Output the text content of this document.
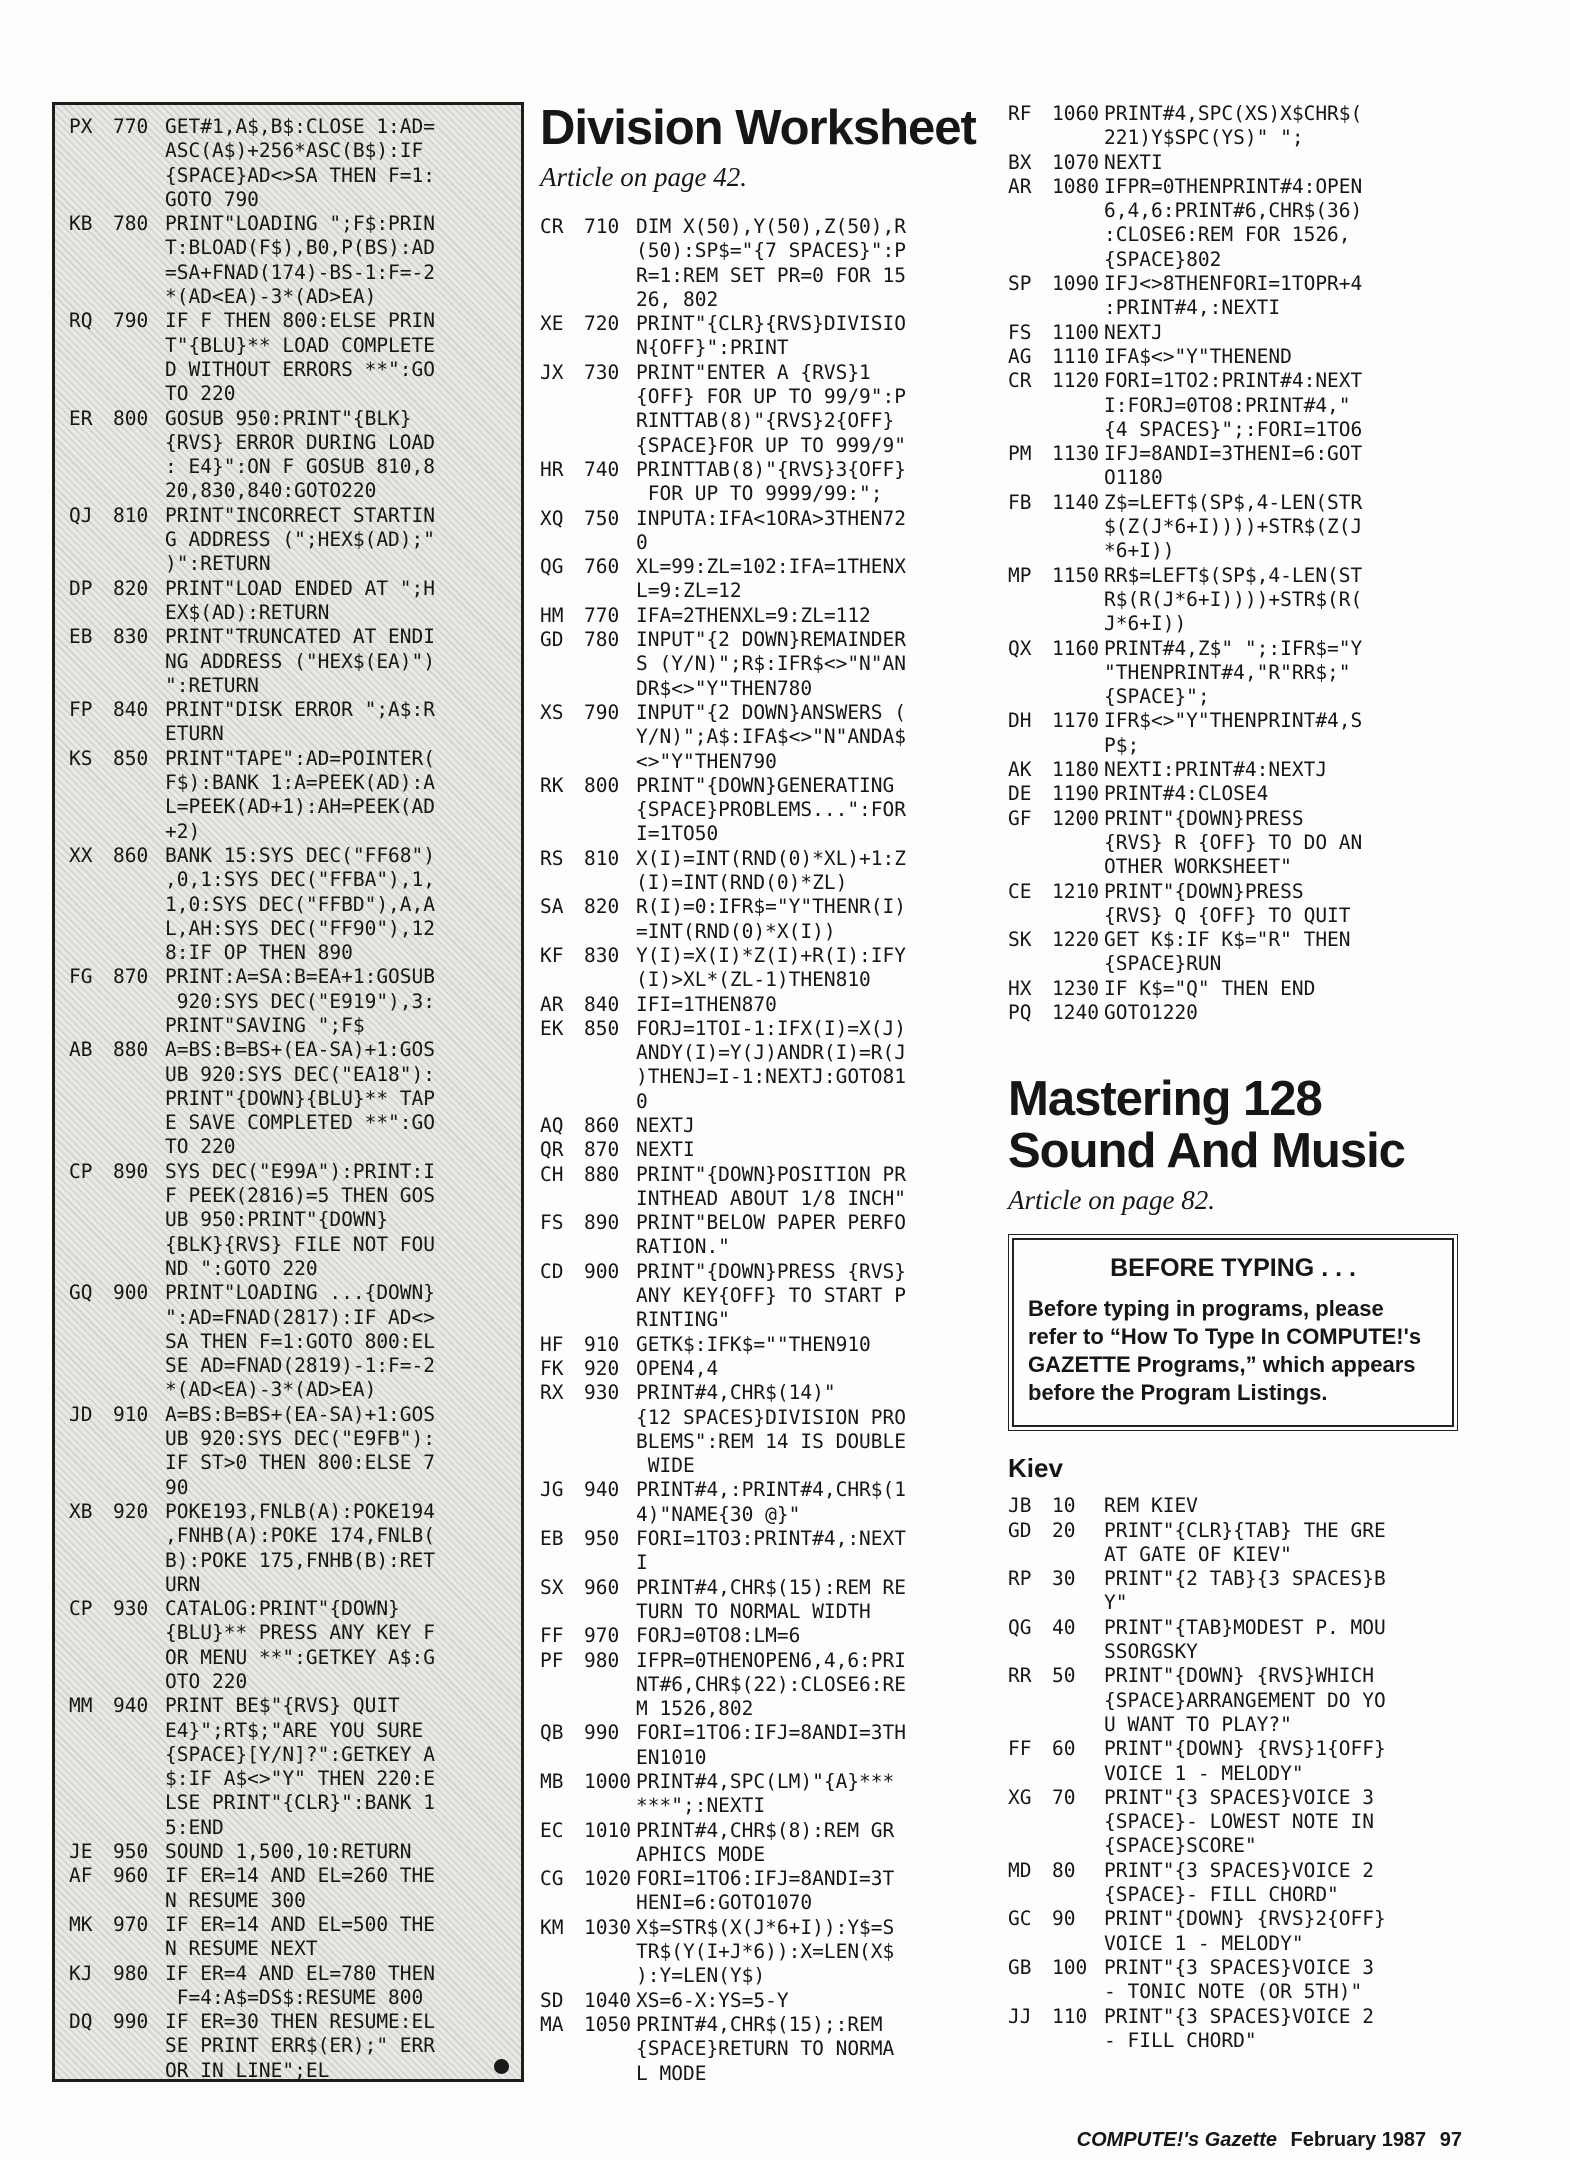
PX	770 GET#1,A$,B$:CLOSE 1:AD=
ASC(A$)+256*ASC(B$):IF
{SPACE}AD<>SA THEN F=1:
GOTO 790
KB	780 PRINT"LOADING ";F$:PRIN
T:BLOAD(F$),B0,P(BS):AD
=SA+FNAD(174)-BS-1:F=-2
*(AD<EA)-3*(AD>EA)
RQ	790 IF F THEN 800:ELSE PRIN
T"{BLU}** LOAD COMPLETE
D WITHOUT ERRORS **":GO
TO 220
ER	800 GOSUB 950:PRINT"{BLK}
{RVS} ERROR DURING LOAD
: E4}":ON F GOSUB 810,8
20,830,840:GOTO220
QJ	810 PRINT"INCORRECT STARTIN
G ADDRESS (";HEX$(AD);"
)":RETURN
DP	820 PRINT"LOAD ENDED AT ";H
EX$(AD):RETURN
EB	830 PRINT"TRUNCATED AT ENDI
NG ADDRESS ("HEX$(EA)")
":RETURN
FP	840 PRINT"DISK ERROR ";A$:R
ETURN
KS	850 PRINT"TAPE":AD=POINTER(
F$):BANK 1:A=PEEK(AD):A
L=PEEK(AD+1):AH=PEEK(AD
+2)
XX	860 BANK 15:SYS DEC("FF68")
,0,1:SYS DEC("FFBA"),1,
1,0:SYS DEC("FFBD"),A,A
L,AH:SYS DEC("FF90"),12
8:IF OP THEN 890
FG	870 PRINT:A=SA:B=EA+1:GOSUB
920:SYS DEC("E919"),3:
PRINT"SAVING ";F$
AB	880 A=BS:B=BS+(EA-SA)+1:GOS
UB 920:SYS DEC("EA18"):
PRINT"{DOWN}{BLU}** TAP
E SAVE COMPLETED **":GO
TO 220
CP	890 SYS DEC("E99A"):PRINT:I
F PEEK(2816)=5 THEN GOS
UB 950:PRINT"{DOWN}
{BLK}{RVS} FILE NOT FOU
ND ":GOTO 220
GQ	900 PRINT"LOADING ...{DOWN}
":AD=FNAD(2817):IF AD<>
SA THEN F=1:GOTO 800:EL
SE AD=FNAD(2819)-1:F=-2
*(AD<EA)-3*(AD>EA)
JD	910 A=BS:B=BS+(EA-SA)+1:GOS
UB 920:SYS DEC("E9FB"):
IF ST>0 THEN 800:ELSE 7
90
XB	920 POKE193,FNLB(A):POKE194
,FNHB(A):POKE 174,FNLB(
B):POKE 175,FNHB(B):RET
URN
CP	930 CATALOG:PRINT"{DOWN}
{BLU}** PRESS ANY KEY F
OR MENU **":GETKEY A$:G
OTO 220
MM	940 PRINT BE$"{RVS} QUIT
E4}";RT$;"ARE YOU SURE
{SPACE}[Y/N]?":GETKEY A
$:IF A$<>"Y" THEN 220:E
LSE PRINT"{CLR}":BANK 1
5:END
JE	950 SOUND 1,500,10:RETURN
AF	960 IF ER=14 AND EL=260 THE
N RESUME 300
MK	970 IF ER=14 AND EL=500 THE
N RESUME NEXT
KJ	980 IF ER=4 AND EL=780 THEN
F=4:A$=DS$:RESUME 800
DQ	990 IF ER=30 THEN RESUME:EL
SE PRINT ERR$(ER);" ERR
OR IN LINE";EL
Division Worksheet
Article on page 42.
CR	710 DIM X(50),Y(50),Z(50),R
(50):SP$="{7 SPACES}":P
R=1:REM SET PR=0 FOR 15
26, 802
XE	720 PRINT"{CLR}{RVS}DIVISIO
N{OFF}":PRINT
JX	730 PRINT"ENTER A {RVS}1
{OFF} FOR UP TO 99/9":P
RINTTAB(8)"{RVS}2{OFF}
{SPACE}FOR UP TO 999/9"
HR	740 PRINTTAB(8)"{RVS}3{OFF}
FOR UP TO 9999/99:";
XQ	750 INPUTA:IFA<1ORA>3THEN72
0
QG	760 XL=99:ZL=102:IFA=1THENX
L=9:ZL=12
HM	770 IFA=2THENXL=9:ZL=112
GD	780 INPUT"{2 DOWN}REMAINDER
S (Y/N)";R$:IFR$<>"N"AN
DR$<>"Y"THEN780
XS	790 INPUT"{2 DOWN}ANSWERS (
Y/N)";A$:IFA$<>"N"ANDA$
<>"Y"THEN790
RK	800 PRINT"{DOWN}GENERATING
{SPACE}PROBLEMS...":FOR
I=1TO50
RS	810 X(I)=INT(RND(0)*XL)+1:Z
(I)=INT(RND(0)*ZL)
SA	820 R(I)=0:IFR$="Y"THENR(I)
=INT(RND(0)*X(I))
KF	830 Y(I)=X(I)*Z(I)+R(I):IFY
(I)>XL*(ZL-1)THEN810
AR	840 IFI=1THEN870
EK	850 FORJ=1TOI-1:IFX(I)=X(J)
ANDY(I)=Y(J)ANDR(I)=R(J
)THENJ=I-1:NEXTJ:GOTO81
0
AQ	860 NEXTJ
QR	870 NEXTI
CH	880 PRINT"{DOWN}POSITION PR
INTHEAD ABOUT 1/8 INCH"
FS	890 PRINT"BELOW PAPER PERFO
RATION."
CD	900 PRINT"{DOWN}PRESS {RVS}
ANY KEY{OFF} TO START P
RINTING"
HF	910 GETK$:IFK$=""THEN910
FK	920 OPEN4,4
RX	930 PRINT#4,CHR$(14)"
{12 SPACES}DIVISION PRO
BLEMS":REM 14 IS DOUBLE
WIDE
JG	940 PRINT#4,:PRINT#4,CHR$(1
4)"NAME{30 @}"
EB	950 FORI=1TO3:PRINT#4,:NEXT
I
SX	960 PRINT#4,CHR$(15):REM RE
TURN TO NORMAL WIDTH
FF	970 FORJ=0TO8:LM=6
PF	980 IFPR=0THENOPEN6,4,6:PRI
NT#6,CHR$(22):CLOSE6:RE
M 1526,802
QB	990 FORI=1TO6:IFJ=8ANDI=3TH
EN1010
MB	1000 PRINT#4,SPC(LM)"{A}***
***";:NEXTI
EC	1010 PRINT#4,CHR$(8):REM GR
APHICS MODE
CG	1020 FORI=1TO6:IFJ=8ANDI=3T
HENI=6:GOTO1070
KM	1030 X$=STR$(X(J*6+I)):Y$=S
TR$(Y(I+J*6)):X=LEN(X$
):Y=LEN(Y$)
SD	1040 XS=6-X:YS=5-Y
MA	1050 PRINT#4,CHR$(15);:REM
{SPACE}RETURN TO NORMA
L MODE
RF	1060 PRINT#4,SPC(XS)X$CHR$(
221)Y$SPC(YS)" ";
BX	1070 NEXTI
AR	1080 IFPR=0THENPRINT#4:OPEN
6,4,6:PRINT#6,CHR$(36)
:CLOSE6:REM FOR 1526,
{SPACE}802
SP	1090 IFJ<>8THENFORI=1TOPR+4
:PRINT#4,:NEXTI
FS	1100 NEXTJ
AG	1110 IFA$<>"Y"THENEND
CR	1120 FORI=1TO2:PRINT#4:NEXT
I:FORJ=0TO8:PRINT#4,"
{4 SPACES}";:FORI=1TO6
PM	1130 IFJ=8ANDI=3THENI=6:GOT
O1180
FB	1140 Z$=LEFT$(SP$,4-LEN(STR
$(Z(J*6+I))))+STR$(Z(J
*6+I))
MP	1150 RR$=LEFT$(SP$,4-LEN(ST
R$(R(J*6+I))))+STR$(R(
J*6+I))
QX	1160 PRINT#4,Z$" ";:IFR$="Y
"THENPRINT#4,"R"RR$;"
{SPACE}";
DH	1170 IFR$<>"Y"THENPRINT#4,S
P$;
AK	1180 NEXTI:PRINT#4:NEXTJ
DE	1190 PRINT#4:CLOSE4
GF	1200 PRINT"{DOWN}PRESS
{RVS} R {OFF} TO DO AN
OTHER WORKSHEET"
CE	1210 PRINT"{DOWN}PRESS
{RVS} Q {OFF} TO QUIT
SK	1220 GET K$:IF K$="R" THEN
{SPACE}RUN
HX	1230 IF K$="Q" THEN END
PQ	1240 GOTO1220
Mastering 128
Sound And Music
Article on page 82.
BEFORE TYPING . . .
Before typing in programs, please refer to “How To Type In COMPUTE!'s GAZETTE Programs,” which appears before the Program Listings.
Kiev
JB	10	REM KIEV
GD	20	PRINT"{CLR}{TAB} THE GRE
AT GATE OF KIEV"
RP	30	PRINT"{2 TAB}{3 SPACES}B
Y"
QG	40	PRINT"{TAB}MODEST P. MOU
SSORGSKY
RR	50	PRINT"{DOWN} {RVS}WHICH
{SPACE}ARRANGEMENT DO YO
U WANT TO PLAY?"
FF	60	PRINT"{DOWN} {RVS}1{OFF}
VOICE 1 - MELODY"
XG	70	PRINT"{3 SPACES}VOICE 3
{SPACE}- LOWEST NOTE IN
{SPACE}SCORE"
MD	80	PRINT"{3 SPACES}VOICE 2
{SPACE}- FILL CHORD"
GC	90	PRINT"{DOWN} {RVS}2{OFF}
VOICE 1 - MELODY"
GB	100 PRINT"{3 SPACES}VOICE 3
- TONIC NOTE (OR 5TH)"
JJ	110 PRINT"{3 SPACES}VOICE 2
- FILL CHORD"
COMPUTE!'s Gazette February 1987 97
